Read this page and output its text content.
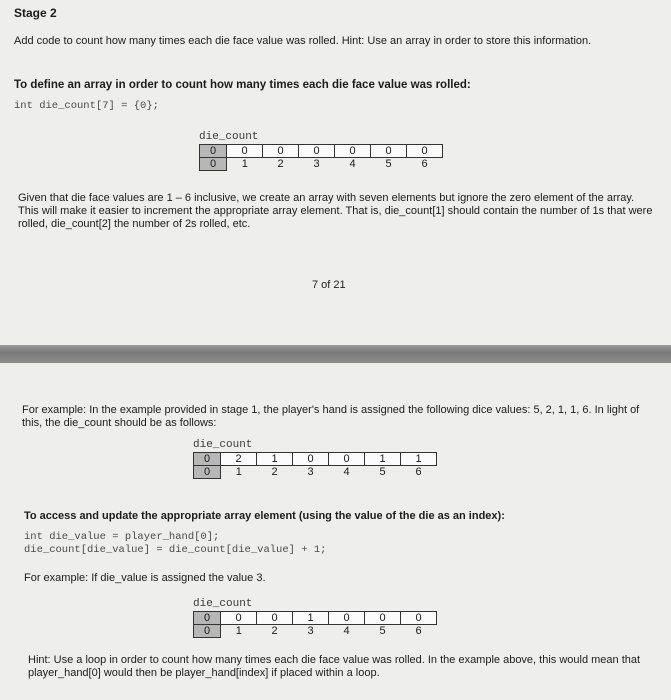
Stage 2
Add code to count how many times each die face value was rolled. Hint: Use an array in order to store this information.
To define an array in order to count how many times each die face value was rolled:
int die_count[7] = {0};
die_count
0	0	0	0	0	0	0
0	1	2	3	4	5	6
Given that die face values are 1 – 6 inclusive, we create an array with seven elements but ignore the zero element of the array. This will make it easier to increment the appropriate array element. That is, die_count[1] should contain the number of 1s that were rolled, die_count[2] the number of 2s rolled, etc.
7 of 21
For example: In the example provided in stage 1, the player's hand is assigned the following dice values: 5, 2, 1, 1, 6. In light of this, the die_count should be as follows:
die_count
0	2	1	0	0	1	1
0	1	2	3	4	5	6
To access and update the appropriate array element (using the value of the die as an index):
int die_value = player_hand[0];
die_count[die_value] = die_count[die_value] + 1;
For example: If die_value is assigned the value 3.
die_count
0	0	0	1	0	0	0
0	1	2	3	4	5	6
Hint: Use a loop in order to count how many times each die face value was rolled. In the example above, this would mean that player_hand[0] would then be player_hand[index] if placed within a loop.
